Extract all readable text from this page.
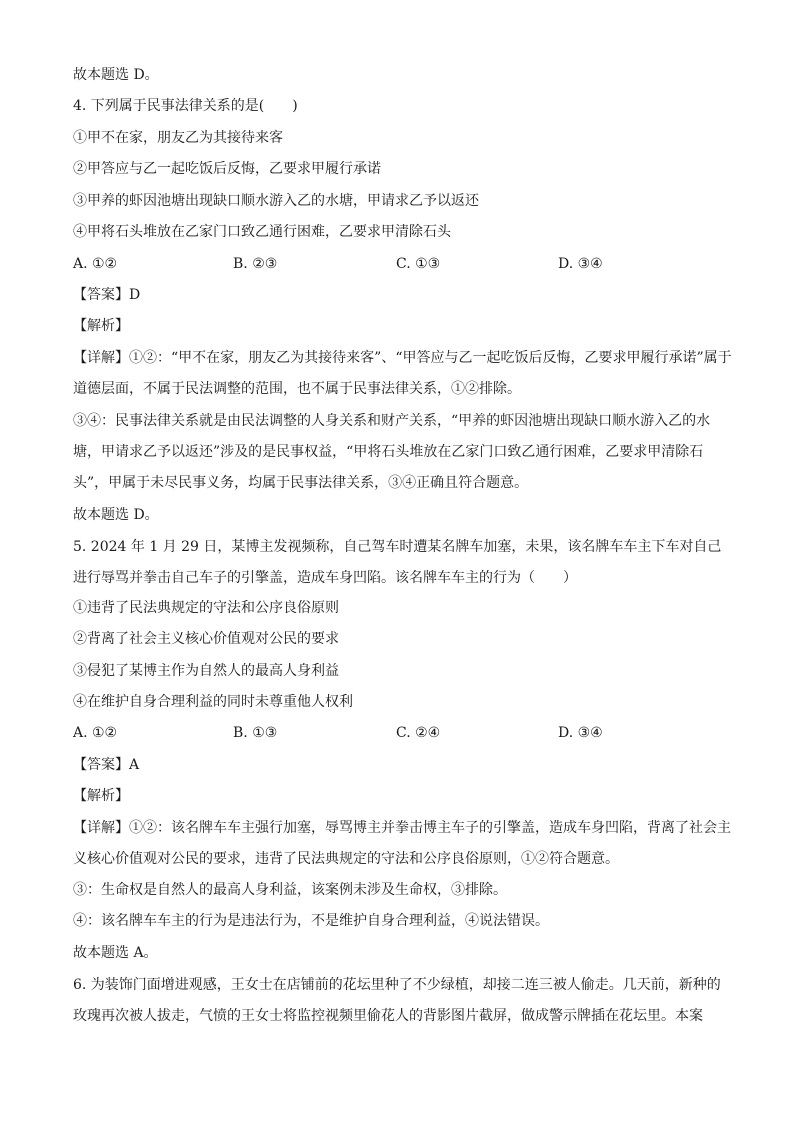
故本题选 D。
4. 下列属于民事法律关系的是(　　)
①甲不在家，朋友乙为其接待来客
②甲答应与乙一起吃饭后反悔，乙要求甲履行承诺
③甲养的虾因池塘出现缺口顺水游入乙的水塘，甲请求乙予以返还
④甲将石头堆放在乙家门口致乙通行困难，乙要求甲清除石头
A. ①②	B. ②③	C. ①③	D. ③④
【答案】D
【解析】
【详解】①②：“甲不在家，朋友乙为其接待来客”、“甲答应与乙一起吃饭后反悔，乙要求甲履行承诺”属于道德层面，不属于民法调整的范围，也不属于民事法律关系，①②排除。
③④：民事法律关系就是由民法调整的人身关系和财产关系，“甲养的虾因池塘出现缺口顺水游入乙的水塘，甲请求乙予以返还”涉及的是民事权益，“甲将石头堆放在乙家门口致乙通行困难，乙要求甲清除石头”，甲属于未尽民事义务，均属于民事法律关系，③④正确且符合题意。
故本题选 D。
5. 2024 年 1 月 29 日，某博主发视频称，自己驾车时遭某名牌车加塞，未果，该名牌车车主下车对自己进行辱骂并拳击自己车子的引擎盖，造成车身凹陷。该名牌车车主的行为（　　）
①违背了民法典规定的守法和公序良俗原则
②背离了社会主义核心价值观对公民的要求
③侵犯了某博主作为自然人的最高人身利益
④在维护自身合理利益的同时未尊重他人权利
A. ①②	B. ①③	C. ②④	D. ③④
【答案】A
【解析】
【详解】①②：该名牌车车主强行加塞，辱骂博主并拳击博主车子的引擎盖，造成车身凹陷，背离了社会主义核心价值观对公民的要求，违背了民法典规定的守法和公序良俗原则，①②符合题意。
③：生命权是自然人的最高人身利益，该案例未涉及生命权，③排除。
④：该名牌车车主的行为是违法行为，不是维护自身合理利益，④说法错误。
故本题选 A。
6. 为装饰门面增进观感，王女士在店铺前的花坛里种了不少绿植，却接二连三被人偷走。几天前，新种的玫瑰再次被人拔走，气愤的王女士将监控视频里偷花人的背影图片截屏，做成警示牌插在花坛里。本案
